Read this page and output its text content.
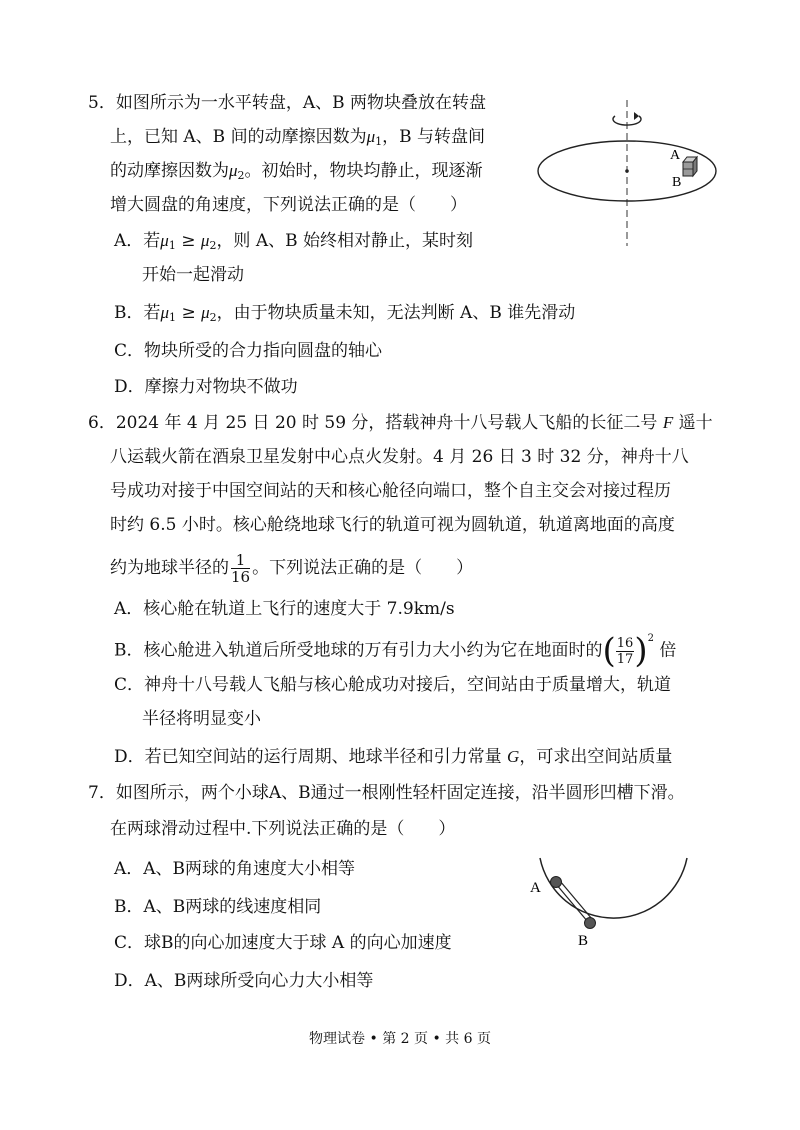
5．如图所示为一水平转盘，A、B 两物块叠放在转盘
上，已知 A、B 间的动摩擦因数为$\mu_1$，B 与转盘间
的动摩擦因数为$\mu_2$。初始时，物块均静止，现逐渐
增大圆盘的角速度，下列说法正确的是（　　）
A．若$\mu_1 \ge \mu_2$，则 A、B 始终相对静止，某时刻
开始一起滑动
B．若$\mu_1 \ge \mu_2$，由于物块质量未知，无法判断 A、B 谁先滑动
C．物块所受的合力指向圆盘的轴心
D．摩擦力对物块不做功
A
B
6．2024 年 4 月 25 日 20 时 59 分，搭载神舟十八号载人飞船的长征二号 F 遥十
八运载火箭在酒泉卫星发射中心点火发射。4 月 26 日 3 时 32 分，神舟十八
号成功对接于中国空间站的天和核心舱径向端口，整个自主交会对接过程历
时约 6.5 小时。核心舱绕地球飞行的轨道可视为圆轨道，轨道离地面的高度
约为地球半径的 $\frac{1}{16}$ 。下列说法正确的是（　　）
A．核心舱在轨道上飞行的速度大于 7.9km/s
B．核心舱进入轨道后所受地球的万有引力大小约为它在地面时的( $\frac{16}{17} )^2$ 倍
C．神舟十八号载人飞船与核心舱成功对接后，空间站由于质量增大，轨道
半径将明显变小
D．若已知空间站的运行周期、地球半径和引力常量 G，可求出空间站质量
7．如图所示，两个小球A、B通过一根刚性轻杆固定连接，沿半圆形凹槽下滑。
在两球滑动过程中.下列说法正确的是（　　）
A．A、B两球的角速度大小相等
B．A、B两球的线速度相同
C．球B的向心加速度大于球 A 的向心加速度
D．A、B两球所受向心力大小相等
A
B
物理试卷 • 第 2 页 • 共 6 页
